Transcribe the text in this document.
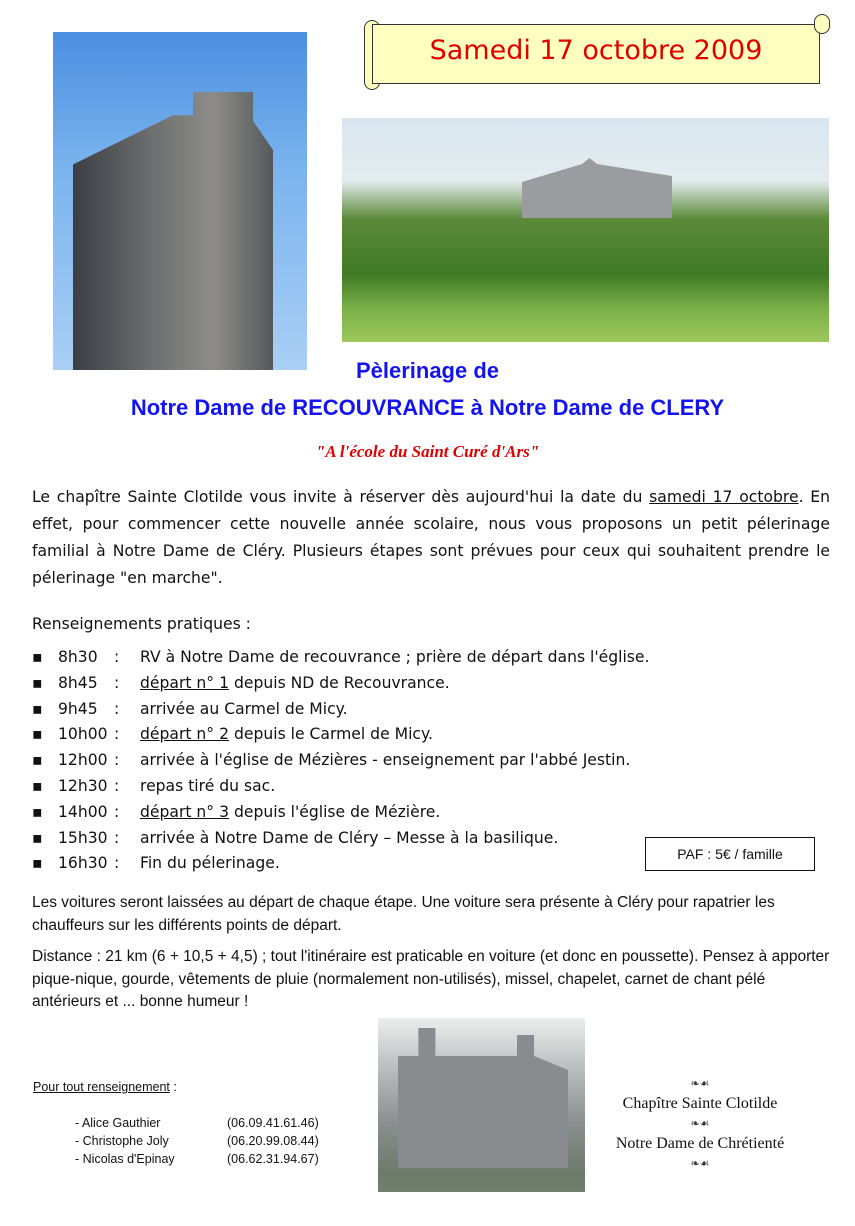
Samedi 17 octobre 2009
Pèlerinage de
Notre Dame de RECOUVRANCE à Notre Dame de CLERY
"A l'école du Saint Curé d'Ars"
Le chapître Sainte Clotilde vous invite à réserver dès aujourd'hui la date du samedi 17 octobre. En effet, pour commencer cette nouvelle année scolaire, nous vous proposons un petit pélerinage familial à Notre Dame de Cléry. Plusieurs étapes sont prévues pour ceux qui souhaitent prendre le pélerinage "en marche".
Renseignements pratiques :
▪ 8h30	:	RV à Notre Dame de recouvrance ; prière de départ dans l'église.
▪ 8h45	:	départ n° 1 depuis ND de Recouvrance.
▪ 9h45	:	arrivée au Carmel de Micy.
▪ 10h00 :	départ n° 2 depuis le Carmel de Micy.
▪ 12h00 :	arrivée à l'église de Mézières - enseignement par l'abbé Jestin.
▪ 12h30 :	repas tiré du sac.
▪ 14h00 :	départ n° 3 depuis l'église de Mézière.
▪ 15h30 :	arrivée à Notre Dame de Cléry – Messe à la basilique.
▪ 16h30 :	Fin du pélerinage.
PAF : 5€ / famille
Les voitures seront laissées au départ de chaque étape. Une voiture sera présente à Cléry pour rapatrier les chauffeurs sur les différents points de départ.
Distance : 21 km (6 + 10,5 + 4,5) ; tout l'itinéraire est praticable en voiture (et donc en poussette). Pensez à apporter pique-nique, gourde, vêtements de pluie (normalement non-utilisés), missel, chapelet, carnet de chant pélé antérieurs et ... bonne humeur !
Pour tout renseignement :
- Alice Gauthier	(06.09.41.61.46)
- Christophe Joly	(06.20.99.08.44)
- Nicolas d'Epinay	(06.62.31.94.67)
❧☙
Chapître Sainte Clotilde
❧☙
Notre Dame de Chrétienté
❧☙
